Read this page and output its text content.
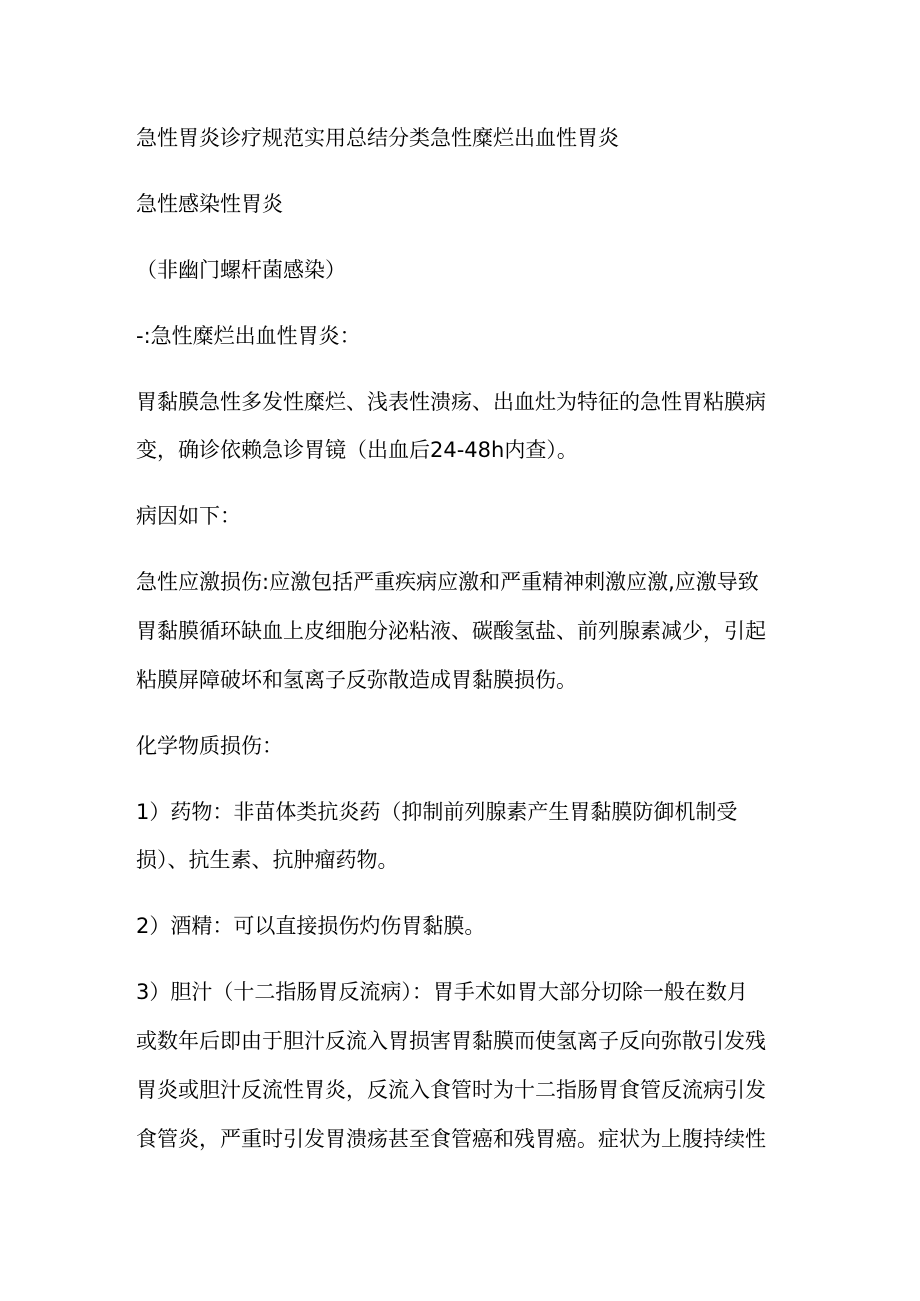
急性胃炎诊疗规范实用总结分类急性糜烂出血性胃炎
急性感染性胃炎
（非幽门螺杆菌感染）
-:急性糜烂出血性胃炎：
胃黏膜急性多发性糜烂、浅表性溃疡、出血灶为特征的急性胃粘膜病
变，确诊依赖急诊胃镜（出血后24-48h内查）。
病因如下：
急性应激损伤:应激包括严重疾病应激和严重精神刺激应激,应激导致
胃黏膜循环缺血上皮细胞分泌粘液、碳酸氢盐、前列腺素减少，引起
粘膜屏障破坏和氢离子反弥散造成胃黏膜损伤。
化学物质损伤：
1）药物：非苗体类抗炎药（抑制前列腺素产生胃黏膜防御机制受
损）、抗生素、抗肿瘤药物。
2）酒精：可以直接损伤灼伤胃黏膜。
3）胆汁（十二指肠胃反流病）：胃手术如胃大部分切除一般在数月
或数年后即由于胆汁反流入胃损害胃黏膜而使氢离子反向弥散引发残
胃炎或胆汁反流性胃炎，反流入食管时为十二指肠胃食管反流病引发
食管炎，严重时引发胃溃疡甚至食管癌和残胃癌。症状为上腹持续性
